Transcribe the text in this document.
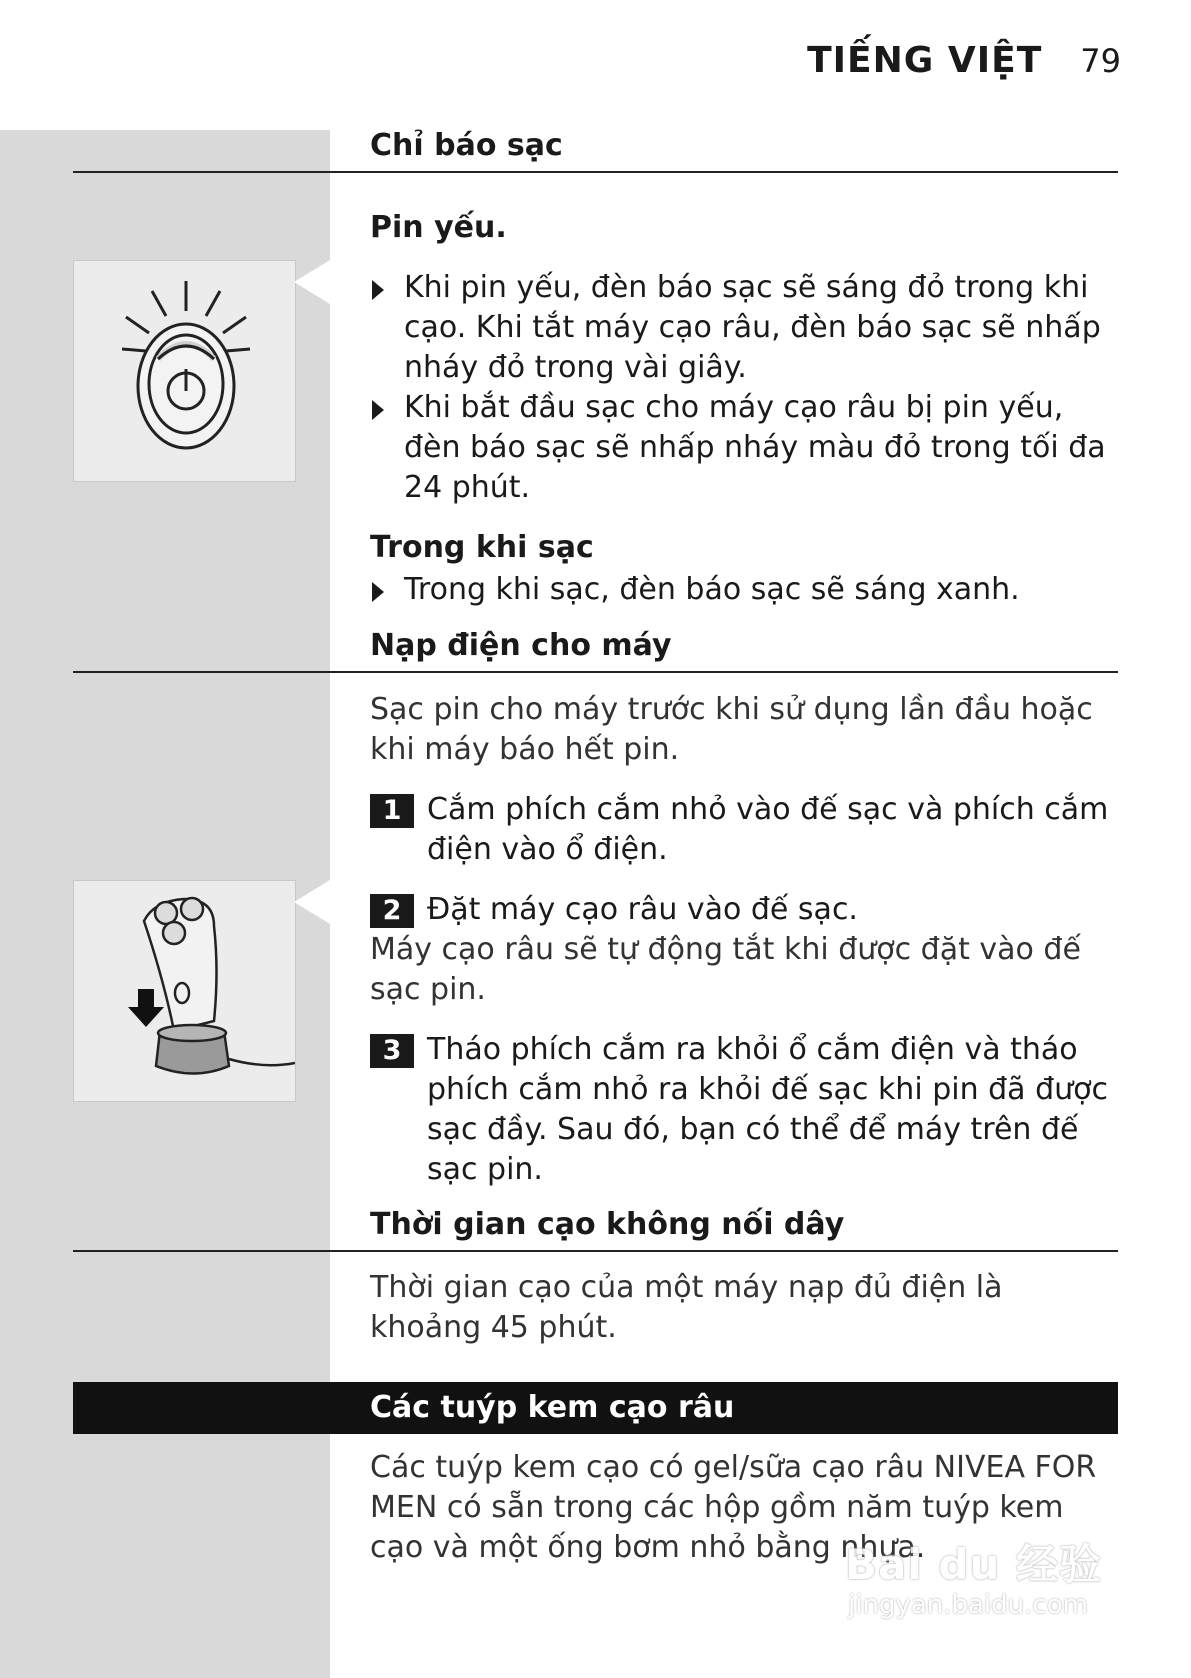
TIẾNG VIỆT 79
Chỉ báo sạc
Pin yếu.
Khi pin yếu, đèn báo sạc sẽ sáng đỏ trong khi cạo. Khi tắt máy cạo râu, đèn báo sạc sẽ nhấp nháy đỏ trong vài giây.
Khi bắt đầu sạc cho máy cạo râu bị pin yếu, đèn báo sạc sẽ nhấp nháy màu đỏ trong tối đa 24 phút.
Trong khi sạc
Trong khi sạc, đèn báo sạc sẽ sáng xanh.
Nạp điện cho máy
Sạc pin cho máy trước khi sử dụng lần đầu hoặc khi máy báo hết pin.
1 Cắm phích cắm nhỏ vào đế sạc và phích cắm điện vào ổ điện.
2 Đặt máy cạo râu vào đế sạc.
Máy cạo râu sẽ tự động tắt khi được đặt vào đế sạc pin.
3 Tháo phích cắm ra khỏi ổ cắm điện và tháo phích cắm nhỏ ra khỏi đế sạc khi pin đã được sạc đầy. Sau đó, bạn có thể để máy trên đế sạc pin.
Thời gian cạo không nối dây
Thời gian cạo của một máy nạp đủ điện là khoảng 45 phút.
Các tuýp kem cạo râu
Các tuýp kem cạo có gel/sữa cạo râu NIVEA FOR MEN có sẵn trong các hộp gồm năm tuýp kem cạo và một ống bơm nhỏ bằng nhựa.
Bai du 经验
jingyan.baidu.com
